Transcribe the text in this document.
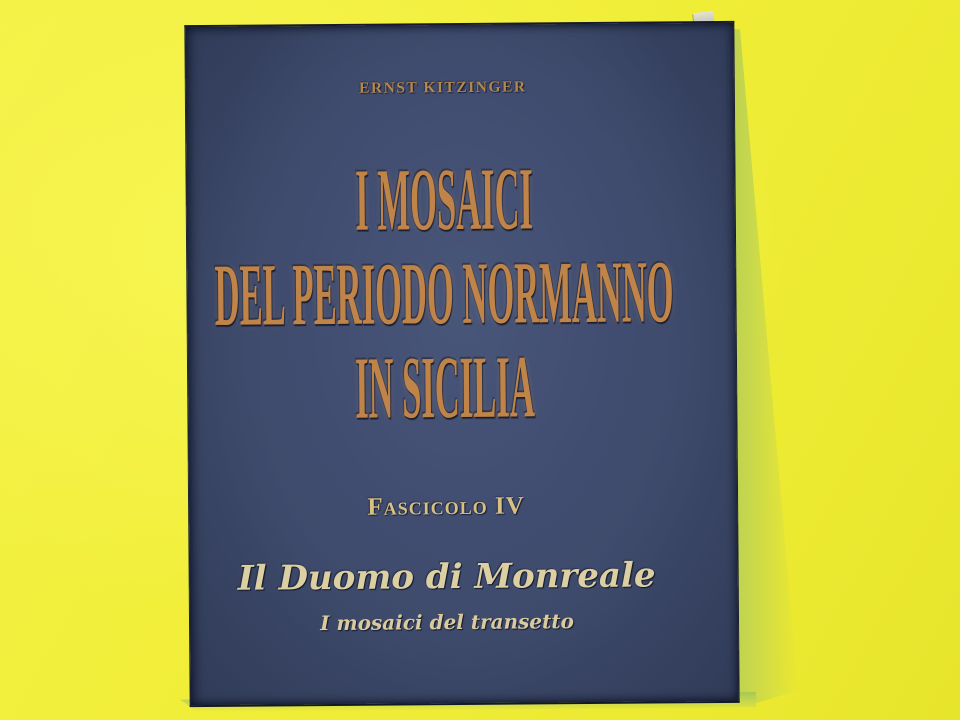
ERNST KITZINGER
I MOSAICI
DEL PERIODO NORMANNO
IN SICILIA
Fascicolo IV
Il Duomo di Monreale
I mosaici del transetto
